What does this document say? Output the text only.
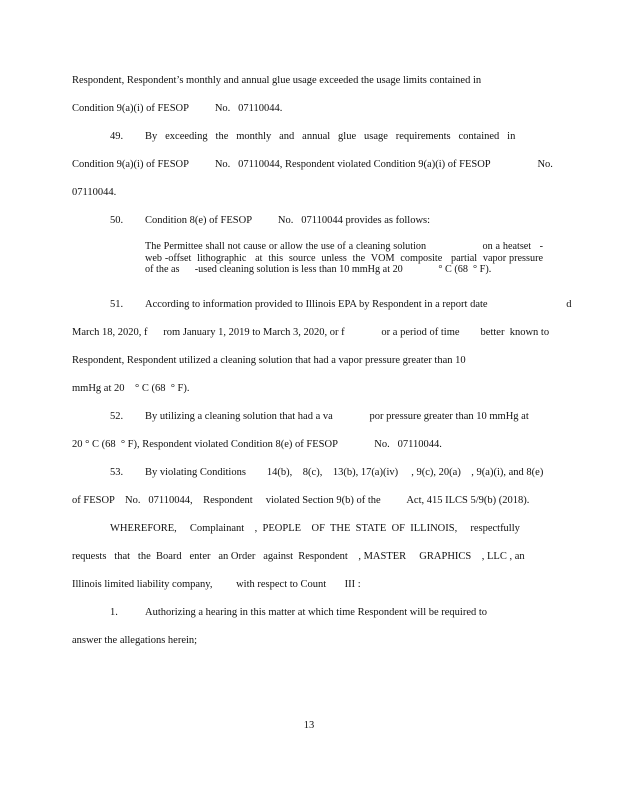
Respondent, Respondent’s monthly and annual glue usage exceeded the usage limits contained in
Condition 9(a)(i) of FESOP          No.   07110044.
49. By   exceeding   the   monthly   and   annual   glue   usage   requirements   contained   in
Condition 9(a)(i) of FESOP          No.   07110044, Respondent violated Condition 9(a)(i) of FESOP                  No.
07110044.
50. Condition 8(e) of FESOP          No.   07110044 provides as follows:
The Permittee shall not cause or allow the use of a cleaning solution                    on a heatset   -web -offset  lithographic   at  this  source  unless  the  VOM  composite   partial  vapor pressure of the as      -used cleaning solution is less than 10 mmHg at 20              ° C (68  ° F).
51. According to information provided to Illinois EPA by Respondent in a report date                              d
March 18, 2020, f      rom January 1, 2019 to March 3, 2020, or f              or a period of time        better  known to
Respondent, Respondent utilized a cleaning solution that had a vapor pressure greater than 10
mmHg at 20    ° C (68  ° F).
52. By utilizing a cleaning solution that had a va              por pressure greater than 10 mmHg at
20 ° C (68  ° F), Respondent violated Condition 8(e) of FESOP              No.   07110044.
53. By violating Conditions        14(b),    8(c),    13(b), 17(a)(iv)     , 9(c), 20(a)    , 9(a)(i), and 8(e)
of FESOP    No.   07110044,    Respondent     violated Section 9(b) of the          Act, 415 ILCS 5/9(b) (2018).
WHEREFORE,     Complainant    ,  PEOPLE    OF  THE  STATE  OF  ILLINOIS,     respectfully
requests   that   the  Board   enter   an Order   against  Respondent    , MASTER     GRAPHICS    , LLC , an
Illinois limited liability company,         with respect to Count       III :
1.	Authorizing a hearing in this matter at which time Respondent will be required to
answer the allegations herein;
13
